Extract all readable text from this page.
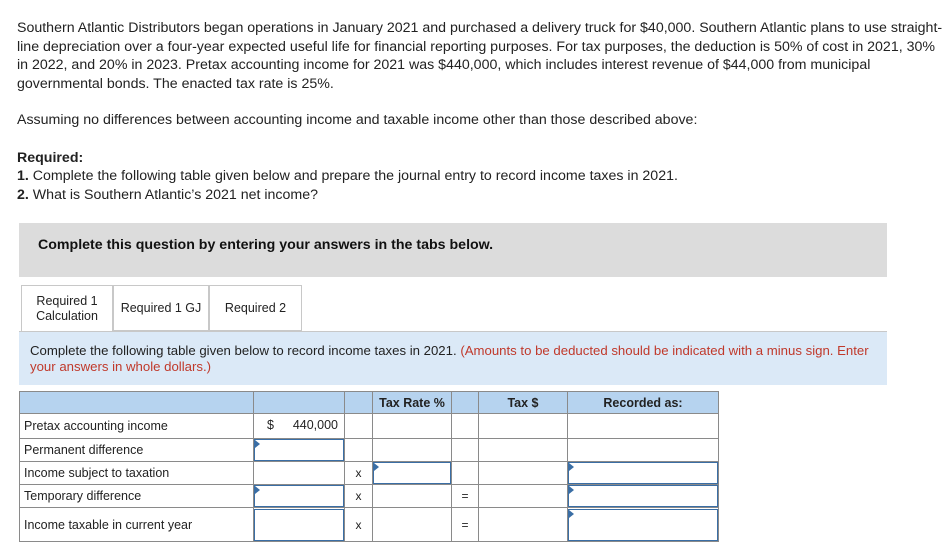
Southern Atlantic Distributors began operations in January 2021 and purchased a delivery truck for $40,000. Southern Atlantic plans to use straight-line depreciation over a four-year expected useful life for financial reporting purposes. For tax purposes, the deduction is 50% of cost in 2021, 30% in 2022, and 20% in 2023. Pretax accounting income for 2021 was $440,000, which includes interest revenue of $44,000 from municipal governmental bonds. The enacted tax rate is 25%.

Assuming no differences between accounting income and taxable income other than those described above:

Required:

1. Complete the following table given below and prepare the journal entry to record income taxes in 2021.

2. What is Southern Atlantic’s 2021 net income?

Complete this question by entering your answers in the tabs below.
Required 1
Calculation
Required 1 GJ Required 2
Complete the following table given below to record income taxes in 2021. (Amounts to be deducted should be indicated with a minus sign. Enter your answers in whole dollars.)
			Tax Rate %		Tax $	Recorded as:
Pretax accounting income	$ 440,000					

Permanent difference	

Income subject to taxation		x	

Temporary difference		x		=		

Income taxable in current year		x		=		
